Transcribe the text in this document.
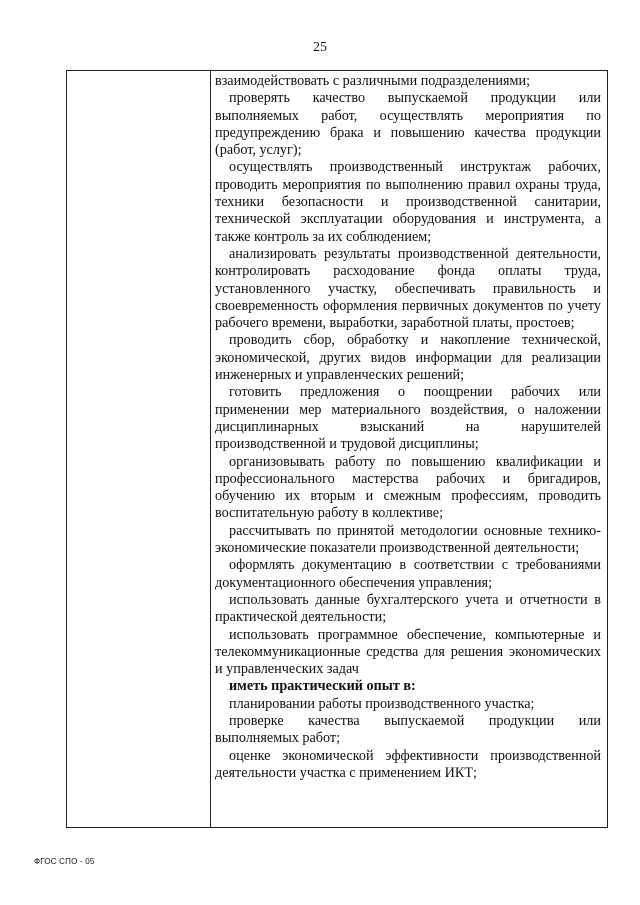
25

взаимодействовать с различными подразделениями;

проверять качество выпускаемой продукции или выполняемых работ, осуществлять мероприятия по предупреждению брака и повышению качества продукции (работ, услуг);

осуществлять производственный инструктаж рабочих, проводить мероприятия по выполнению правил охраны труда, техники безопасности и производственной санитарии, технической эксплуатации оборудования и инструмента, а также контроль за их соблюдением;

анализировать результаты производственной деятельности, контролировать расходование фонда оплаты труда, установленного участку, обеспечивать правильность и своевременность оформления первичных документов по учету рабочего времени, выработки, заработной платы, простоев;

проводить сбор, обработку и накопление технической, экономической, других видов информации для реализации инженерных и управленческих решений;

готовить предложения о поощрении рабочих или применении мер материального воздействия, о наложении дисциплинарных взысканий на нарушителей производственной и трудовой дисциплины;

организовывать работу по повышению квалификации и профессионального мастерства рабочих и бригадиров, обучению их вторым и смежным профессиям, проводить воспитательную работу в коллективе;

рассчитывать по принятой методологии основные технико-экономические показатели производственной деятельности;

оформлять документацию в соответствии с требованиями документационного обеспечения управления;

использовать данные бухгалтерского учета и отчетности в практической деятельности;

использовать программное обеспечение, компьютерные и телекоммуникационные средства для решения экономических и управленческих задач

иметь практический опыт в:

планировании работы производственного участка;

проверке качества выпускаемой продукции или выполняемых работ;

оценке экономической эффективности производственной деятельности участка с применением ИКТ;

ФГОС СПО - 05
